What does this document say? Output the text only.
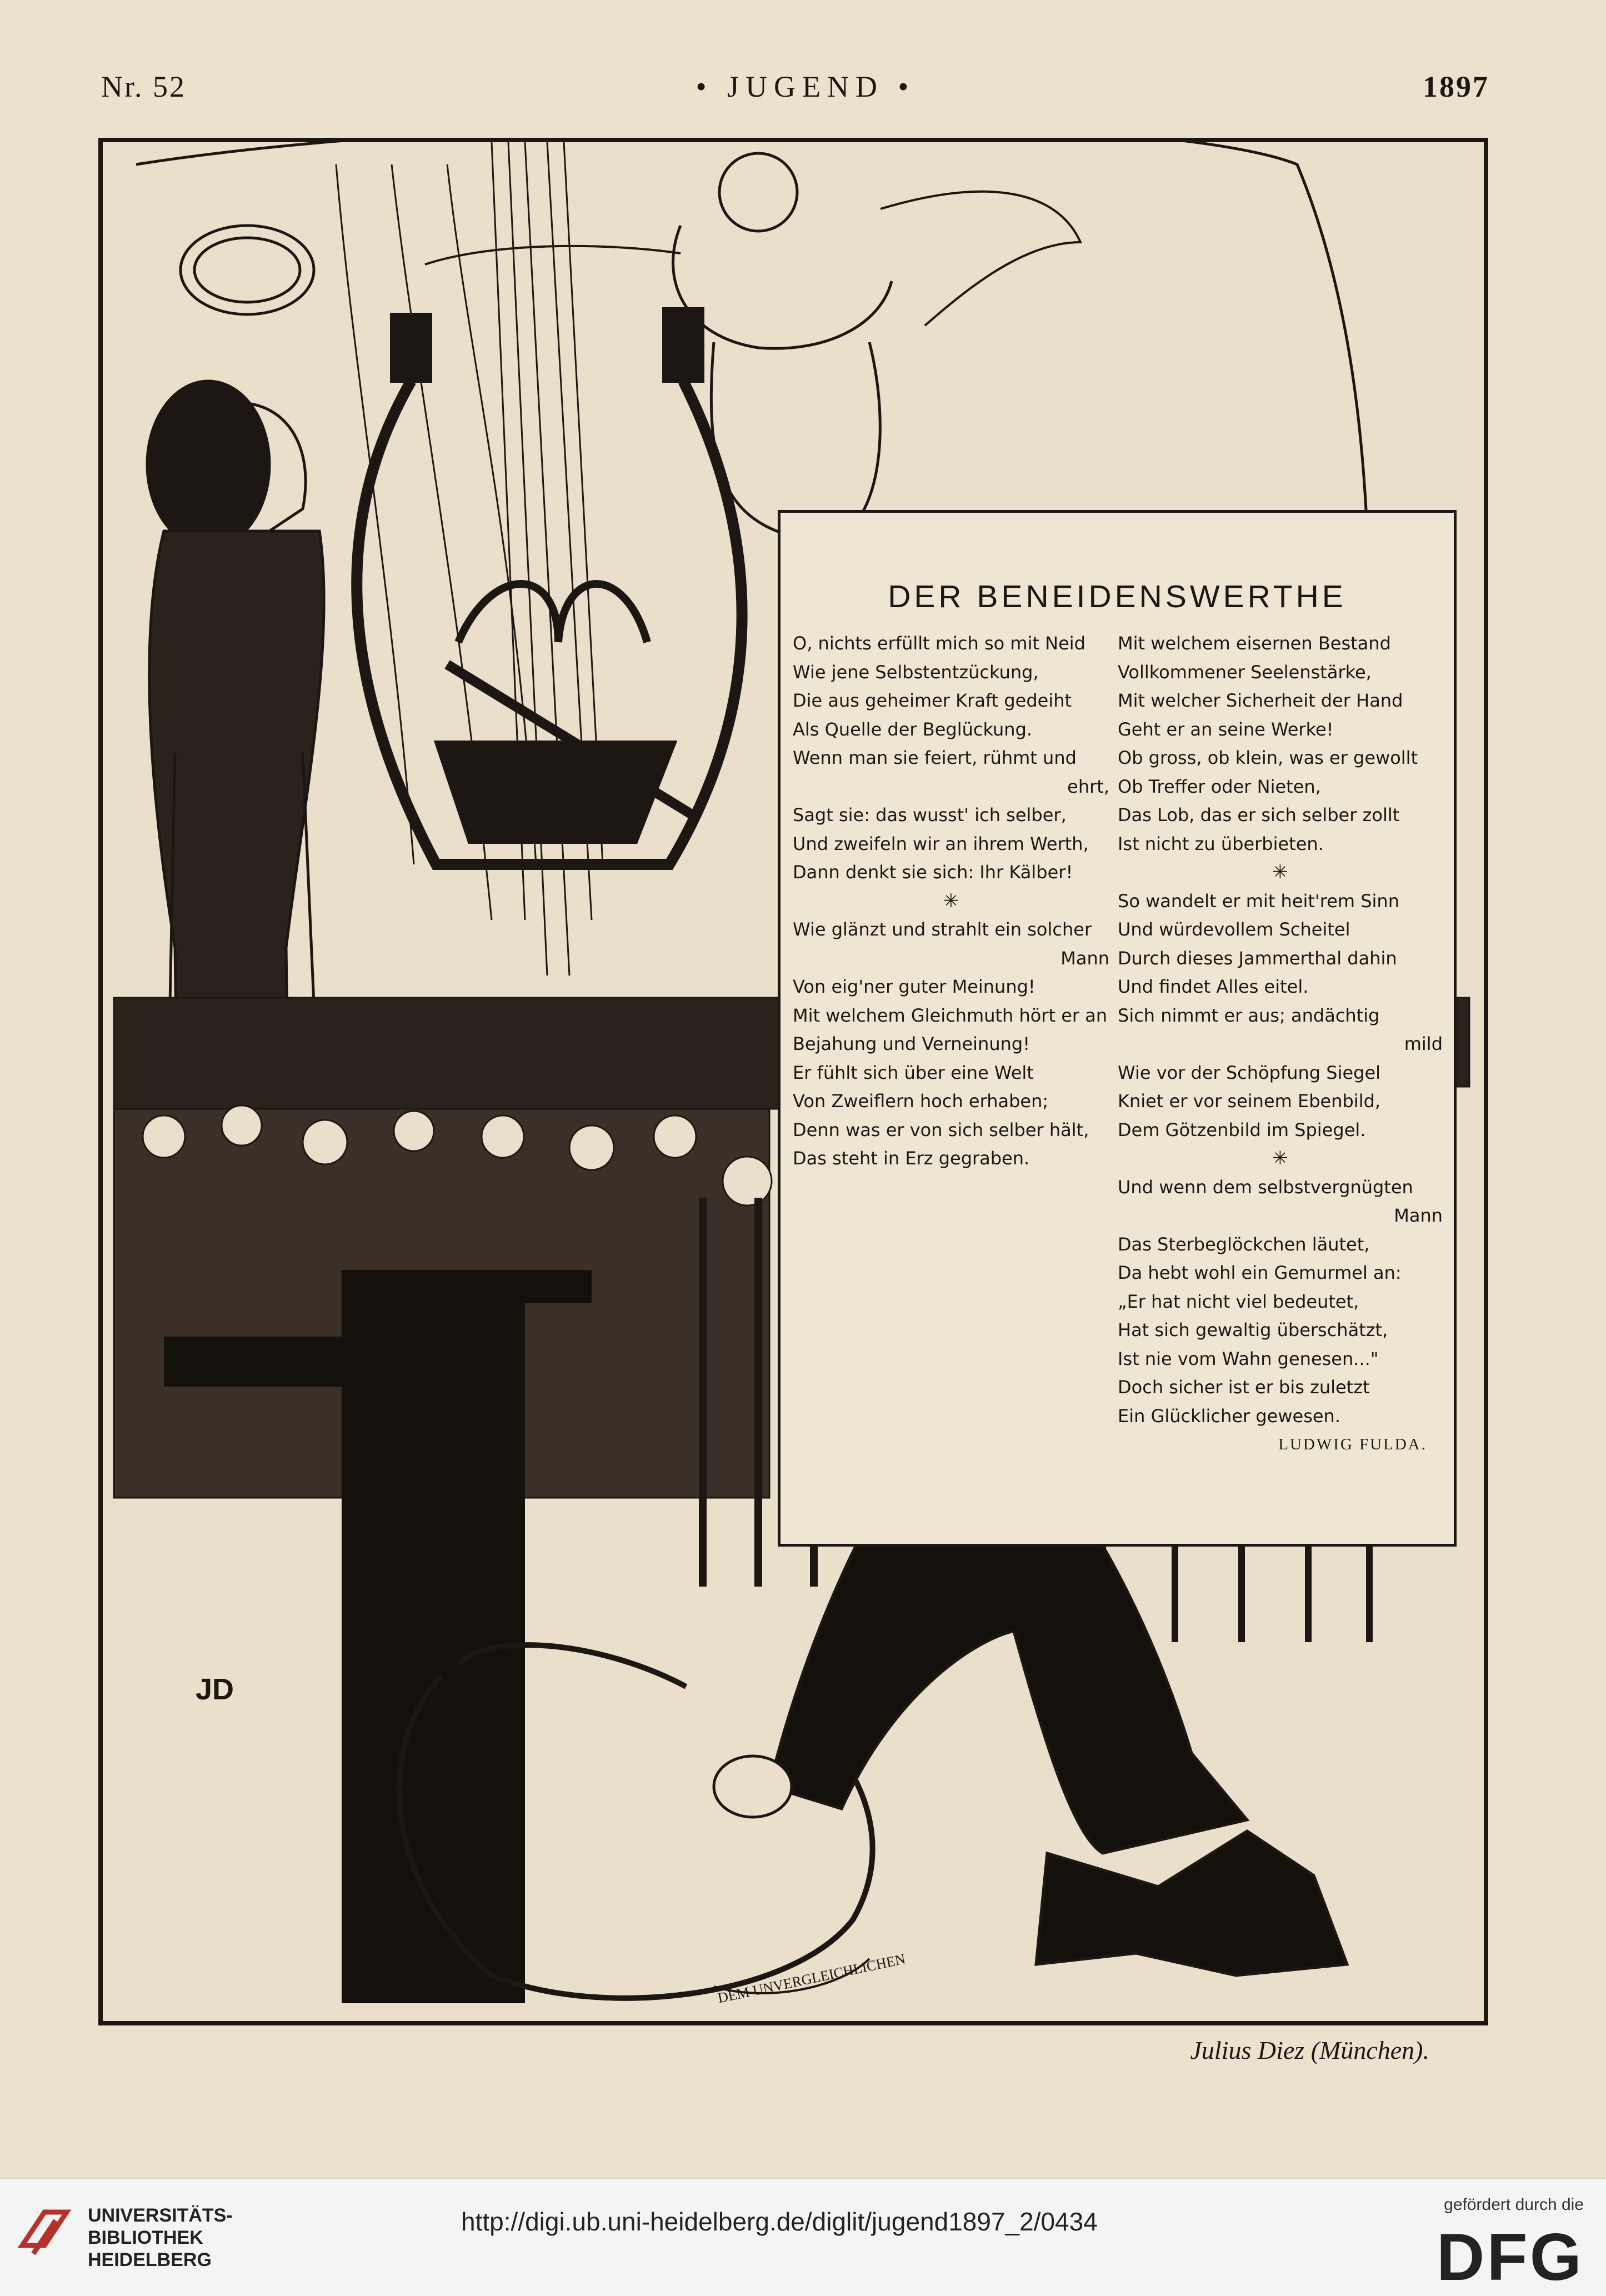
Nr. 52	• JUGEND •	1897
DEM UNVERGLEICHLICHEN
JD
DER BENEIDENSWERTHE
O, nichts erfüllt mich so mit Neid
Wie jene Selbstentzückung,
Die aus geheimer Kraft gedeiht
Als Quelle der Beglückung.
Wenn man sie feiert, rühmt und
ehrt,
Sagt sie: das wusst' ich selber,
Und zweifeln wir an ihrem Werth,
Dann denkt sie sich: Ihr Kälber!
✳
Wie glänzt und strahlt ein solcher
Mann
Von eig'ner guter Meinung!
Mit welchem Gleichmuth hört er an
Bejahung und Verneinung!
Er fühlt sich über eine Welt
Von Zweiflern hoch erhaben;
Denn was er von sich selber hält,
Das steht in Erz gegraben.
Mit welchem eisernen Bestand
Vollkommener Seelenstärke,
Mit welcher Sicherheit der Hand
Geht er an seine Werke!
Ob gross, ob klein, was er gewollt
Ob Treffer oder Nieten,
Das Lob, das er sich selber zollt
Ist nicht zu überbieten.
✳
So wandelt er mit heit'rem Sinn
Und würdevollem Scheitel
Durch dieses Jammerthal dahin
Und findet Alles eitel.
Sich nimmt er aus; andächtig
mild
Wie vor der Schöpfung Siegel
Kniet er vor seinem Ebenbild,
Dem Götzenbild im Spiegel.
✳
Und wenn dem selbstvergnügten
Mann
Das Sterbeglöckchen läutet,
Da hebt wohl ein Gemurmel an:
„Er hat nicht viel bedeutet,
Hat sich gewaltig überschätzt,
Ist nie vom Wahn genesen..."
Doch sicher ist er bis zuletzt
Ein Glücklicher gewesen.
LUDWIG FULDA.
Julius Diez (München).
UNIVERSITÄTS-
BIBLIOTHEK
HEIDELBERG
http://digi.ub.uni-heidelberg.de/diglit/jugend1897_2/0434
gefördert durch die
DFG
